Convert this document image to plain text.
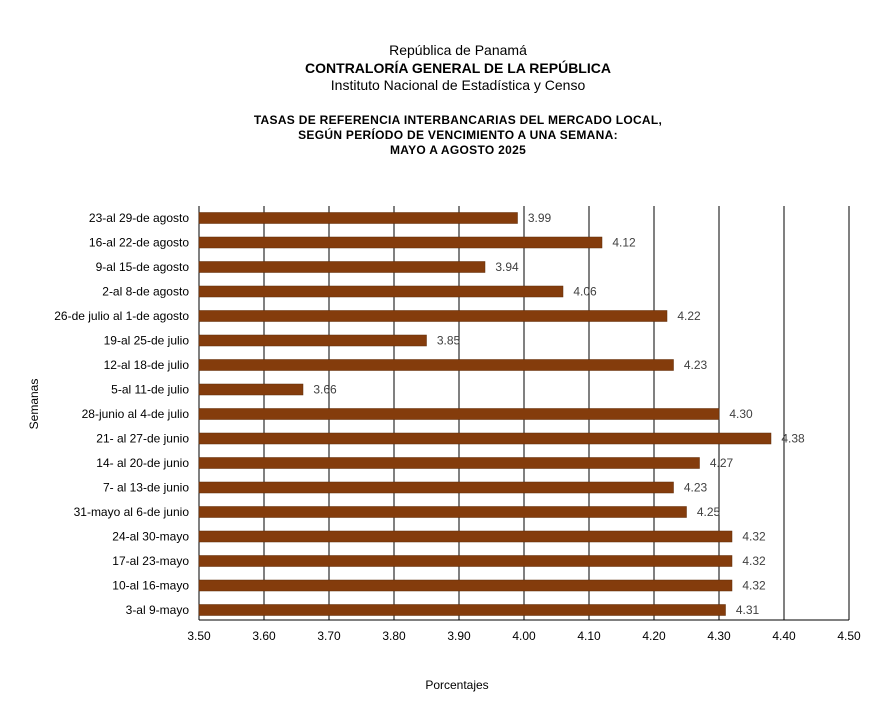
República de Panamá
CONTRALORÍA GENERAL DE LA REPÚBLICA
Instituto Nacional de Estadística y Censo
TASAS DE REFERENCIA INTERBANCARIAS DEL MERCADO LOCAL,
SEGÚN PERÍODO DE VENCIMIENTO A UNA SEMANA:
MAYO A AGOSTO 2025
3.50	3.60	3.70	3.80	3.90	4.00	4.10	4.20	4.30	4.40	4.50
23-al 29-de agosto	3.99
16-al 22-de agosto	4.12
9-al 15-de agosto	3.94
2-al 8-de agosto	4.06
26-de julio al 1-de agosto	4.22
19-al 25-de julio	3.85
12-al 18-de julio	4.23
5-al 11-de julio	3.66
28-junio al 4-de julio	4.30
21- al 27-de junio	4.38
14- al 20-de junio	4.27
7- al 13-de junio	4.23
31-mayo al 6-de junio	4.25
24-al 30-mayo	4.32
17-al 23-mayo	4.32
10-al 16-mayo	4.32
3-al 9-mayo	4.31
Porcentajes
Semanas
